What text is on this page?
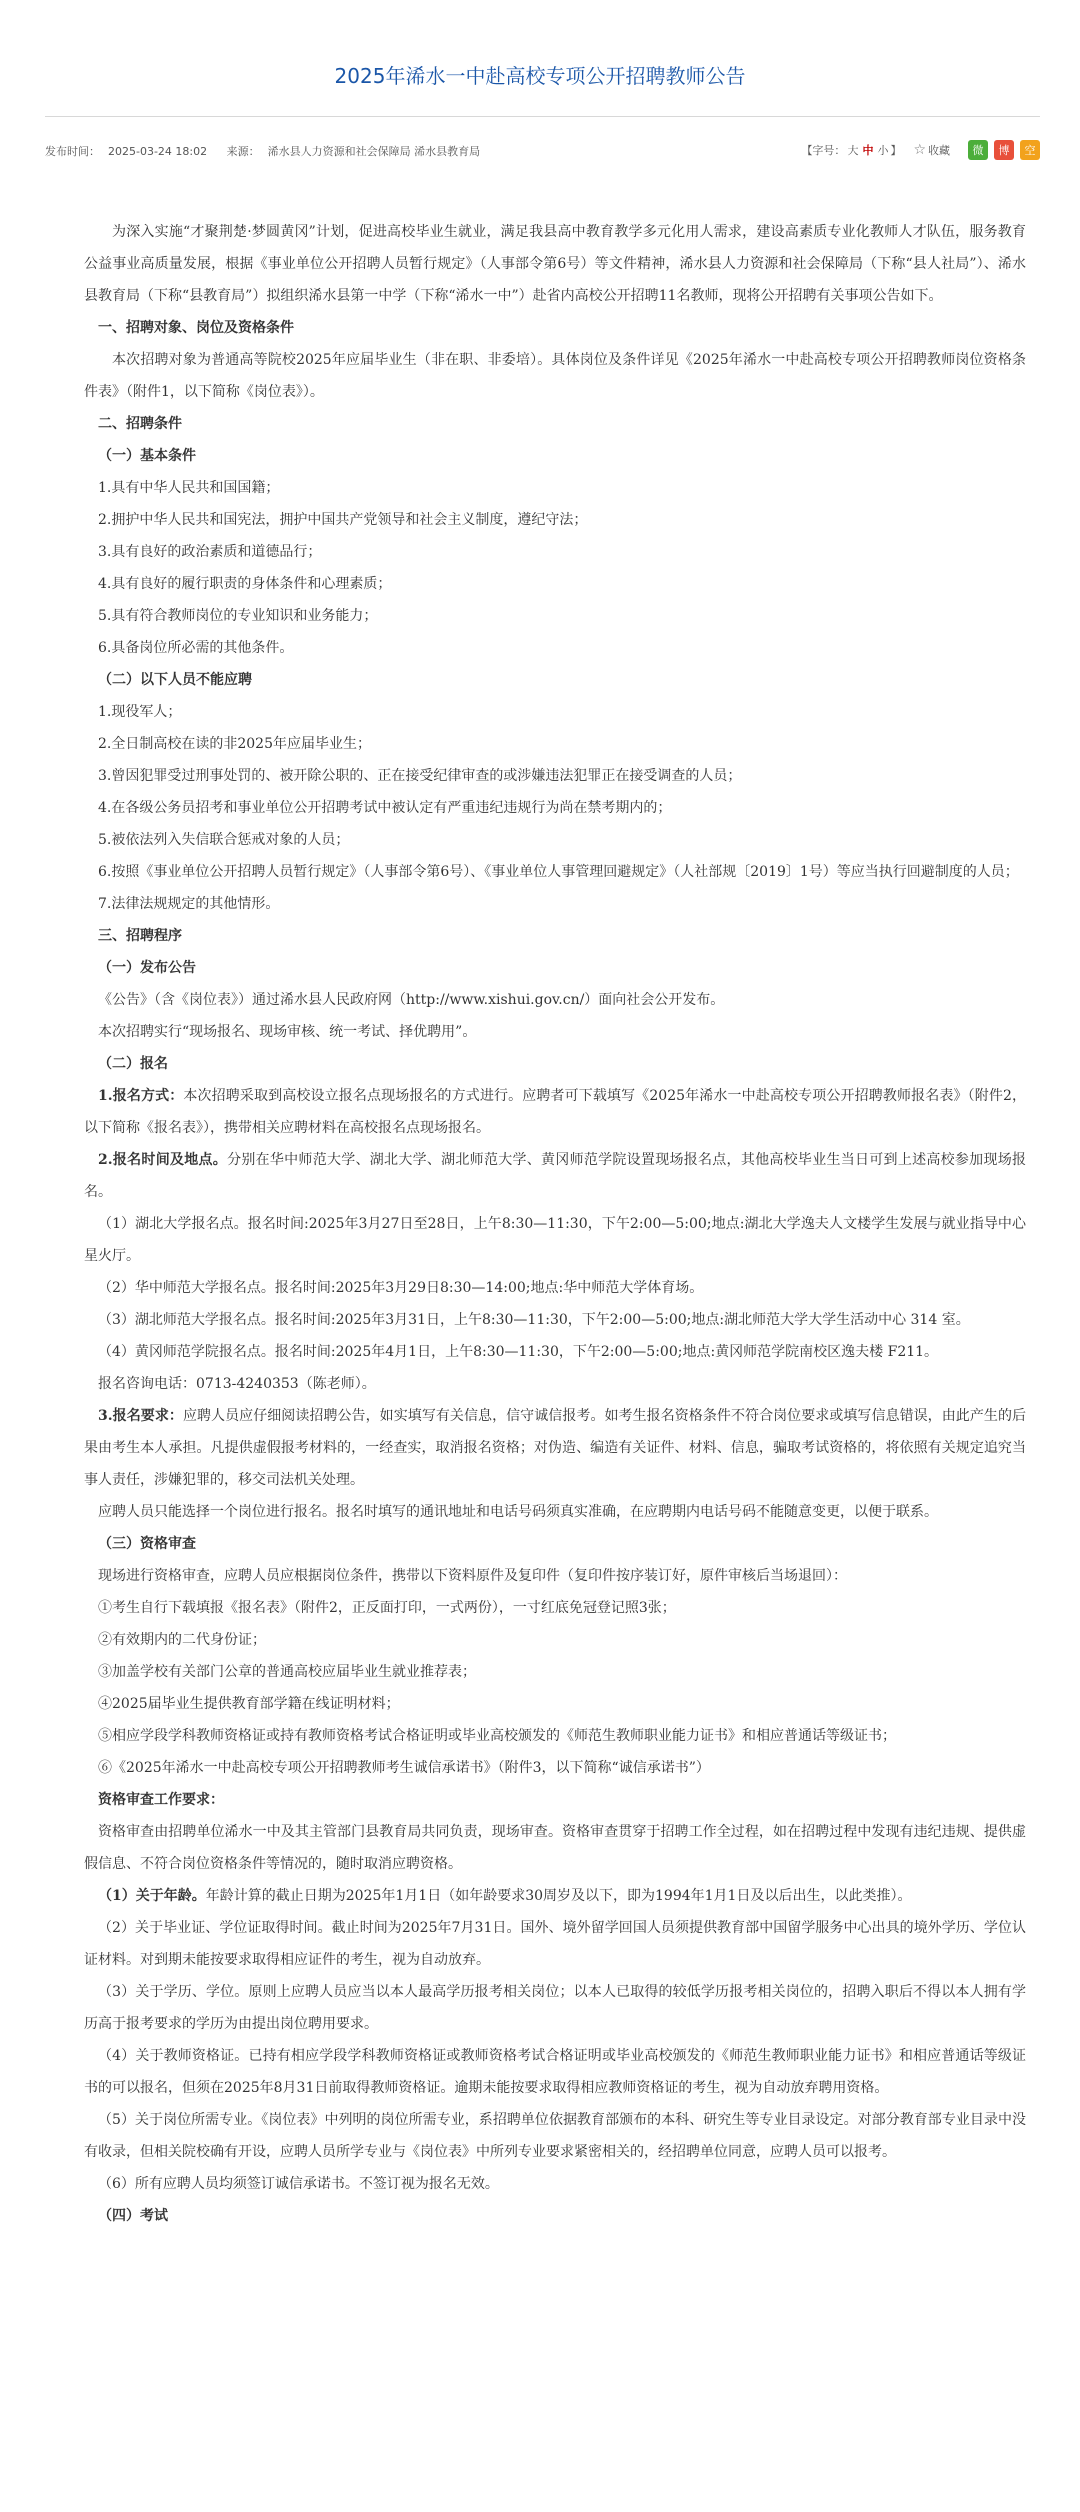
2025年浠水一中赴高校专项公开招聘教师公告
发布时间： 2025-03-24 18:02 来源： 浠水县人力资源和社会保障局 浠水县教育局	【字号： 大 中 小 】 ☆ 收藏 微 博 空

为深入实施“才聚荆楚·梦圆黄冈”计划，促进高校毕业生就业，满足我县高中教育教学多元化用人需求，建设高素质专业化教师人才队伍，服务教育公益事业高质量发展，根据《事业单位公开招聘人员暂行规定》（人事部令第6号）等文件精神，浠水县人力资源和社会保障局（下称“县人社局”）、浠水县教育局（下称“县教育局”）拟组织浠水县第一中学（下称“浠水一中”）赴省内高校公开招聘11名教师，现将公开招聘有关事项公告如下。

一、招聘对象、岗位及资格条件

本次招聘对象为普通高等院校2025年应届毕业生（非在职、非委培）。具体岗位及条件详见《2025年浠水一中赴高校专项公开招聘教师岗位资格条件表》（附件1，以下简称《岗位表》）。

二、招聘条件

（一）基本条件

1.具有中华人民共和国国籍；

2.拥护中华人民共和国宪法，拥护中国共产党领导和社会主义制度，遵纪守法；

3.具有良好的政治素质和道德品行；

4.具有良好的履行职责的身体条件和心理素质；

5.具有符合教师岗位的专业知识和业务能力；

6.具备岗位所必需的其他条件。

（二）以下人员不能应聘

1.现役军人；

2.全日制高校在读的非2025年应届毕业生；

3.曾因犯罪受过刑事处罚的、被开除公职的、正在接受纪律审查的或涉嫌违法犯罪正在接受调查的人员；

4.在各级公务员招考和事业单位公开招聘考试中被认定有严重违纪违规行为尚在禁考期内的；

5.被依法列入失信联合惩戒对象的人员；

6.按照《事业单位公开招聘人员暂行规定》（人事部令第6号）、《事业单位人事管理回避规定》（人社部规〔2019〕1号）等应当执行回避制度的人员；

7.法律法规规定的其他情形。

三、招聘程序

（一）发布公告

《公告》（含《岗位表》）通过浠水县人民政府网（http://www.xishui.gov.cn/）面向社会公开发布。

本次招聘实行“现场报名、现场审核、统一考试、择优聘用”。

（二）报名

1.报名方式：本次招聘采取到高校设立报名点现场报名的方式进行。应聘者可下载填写《2025年浠水一中赴高校专项公开招聘教师报名表》（附件2，以下简称《报名表》），携带相关应聘材料在高校报名点现场报名。

2.报名时间及地点。分别在华中师范大学、湖北大学、湖北师范大学、黄冈师范学院设置现场报名点，其他高校毕业生当日可到上述高校参加现场报名。

（1）湖北大学报名点。报名时间:2025年3月27日至28日，上午8:30—11:30，下午2:00—5:00;地点:湖北大学逸夫人文楼学生发展与就业指导中心星火厅。

（2）华中师范大学报名点。报名时间:2025年3月29日8:30—14:00;地点:华中师范大学体育场。

（3）湖北师范大学报名点。报名时间:2025年3月31日，上午8:30—11:30，下午2:00—5:00;地点:湖北师范大学大学生活动中心 314 室。

（4）黄冈师范学院报名点。报名时间:2025年4月1日，上午8:30—11:30，下午2:00—5:00;地点:黄冈师范学院南校区逸夫楼 F211。

报名咨询电话：0713-4240353（陈老师）。

3.报名要求：应聘人员应仔细阅读招聘公告，如实填写有关信息，信守诚信报考。如考生报名资格条件不符合岗位要求或填写信息错误，由此产生的后果由考生本人承担。凡提供虚假报考材料的，一经查实，取消报名资格；对伪造、编造有关证件、材料、信息，骗取考试资格的，将依照有关规定追究当事人责任，涉嫌犯罪的，移交司法机关处理。

应聘人员只能选择一个岗位进行报名。报名时填写的通讯地址和电话号码须真实准确，在应聘期内电话号码不能随意变更，以便于联系。

（三）资格审查

现场进行资格审查，应聘人员应根据岗位条件，携带以下资料原件及复印件（复印件按序装订好，原件审核后当场退回）：

①考生自行下载填报《报名表》（附件2，正反面打印，一式两份），一寸红底免冠登记照3张；

②有效期内的二代身份证；

③加盖学校有关部门公章的普通高校应届毕业生就业推荐表；

④2025届毕业生提供教育部学籍在线证明材料；

⑤相应学段学科教师资格证或持有教师资格考试合格证明或毕业高校颁发的《师范生教师职业能力证书》和相应普通话等级证书；

⑥《2025年浠水一中赴高校专项公开招聘教师考生诚信承诺书》（附件3，以下简称“诚信承诺书”）

资格审查工作要求：

资格审查由招聘单位浠水一中及其主管部门县教育局共同负责，现场审查。资格审查贯穿于招聘工作全过程，如在招聘过程中发现有违纪违规、提供虚假信息、不符合岗位资格条件等情况的，随时取消应聘资格。

（1）关于年龄。年龄计算的截止日期为2025年1月1日（如年龄要求30周岁及以下，即为1994年1月1日及以后出生，以此类推）。

（2）关于毕业证、学位证取得时间。截止时间为2025年7月31日。国外、境外留学回国人员须提供教育部中国留学服务中心出具的境外学历、学位认证材料。对到期未能按要求取得相应证件的考生，视为自动放弃。

（3）关于学历、学位。原则上应聘人员应当以本人最高学历报考相关岗位；以本人已取得的较低学历报考相关岗位的，招聘入职后不得以本人拥有学历高于报考要求的学历为由提出岗位聘用要求。

（4）关于教师资格证。已持有相应学段学科教师资格证或教师资格考试合格证明或毕业高校颁发的《师范生教师职业能力证书》和相应普通话等级证书的可以报名，但须在2025年8月31日前取得教师资格证。逾期未能按要求取得相应教师资格证的考生，视为自动放弃聘用资格。

（5）关于岗位所需专业。《岗位表》中列明的岗位所需专业，系招聘单位依据教育部颁布的本科、研究生等专业目录设定。对部分教育部专业目录中没有收录，但相关院校确有开设，应聘人员所学专业与《岗位表》中所列专业要求紧密相关的，经招聘单位同意，应聘人员可以报考。

（6）所有应聘人员均须签订诚信承诺书。不签订视为报名无效。

（四）考试
